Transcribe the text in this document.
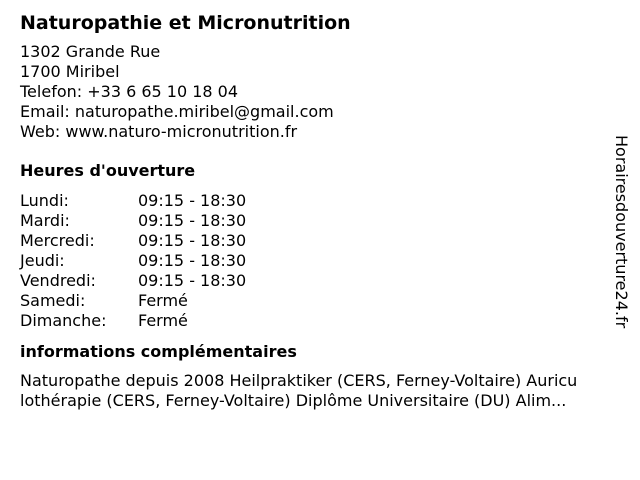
Naturopathie et Micronutrition
1302 Grande Rue
1700 Miribel
Telefon: +33 6 65 10 18 04
Email: naturopathe.miribel@gmail.com
Web: www.naturo-micronutrition.fr
Heures d'ouverture
Lundi:	09:15 - 18:30
Mardi:	09:15 - 18:30
Mercredi:	09:15 - 18:30
Jeudi:	09:15 - 18:30
Vendredi:	09:15 - 18:30
Samedi:	Fermé
Dimanche:	Fermé
informations complémentaires
Naturopathe depuis 2008 Heilpraktiker (CERS, Ferney-Voltaire) Auricu
lothérapie (CERS, Ferney-Voltaire) Diplôme Universitaire (DU) Alim...
Horairesdouverture24.fr
